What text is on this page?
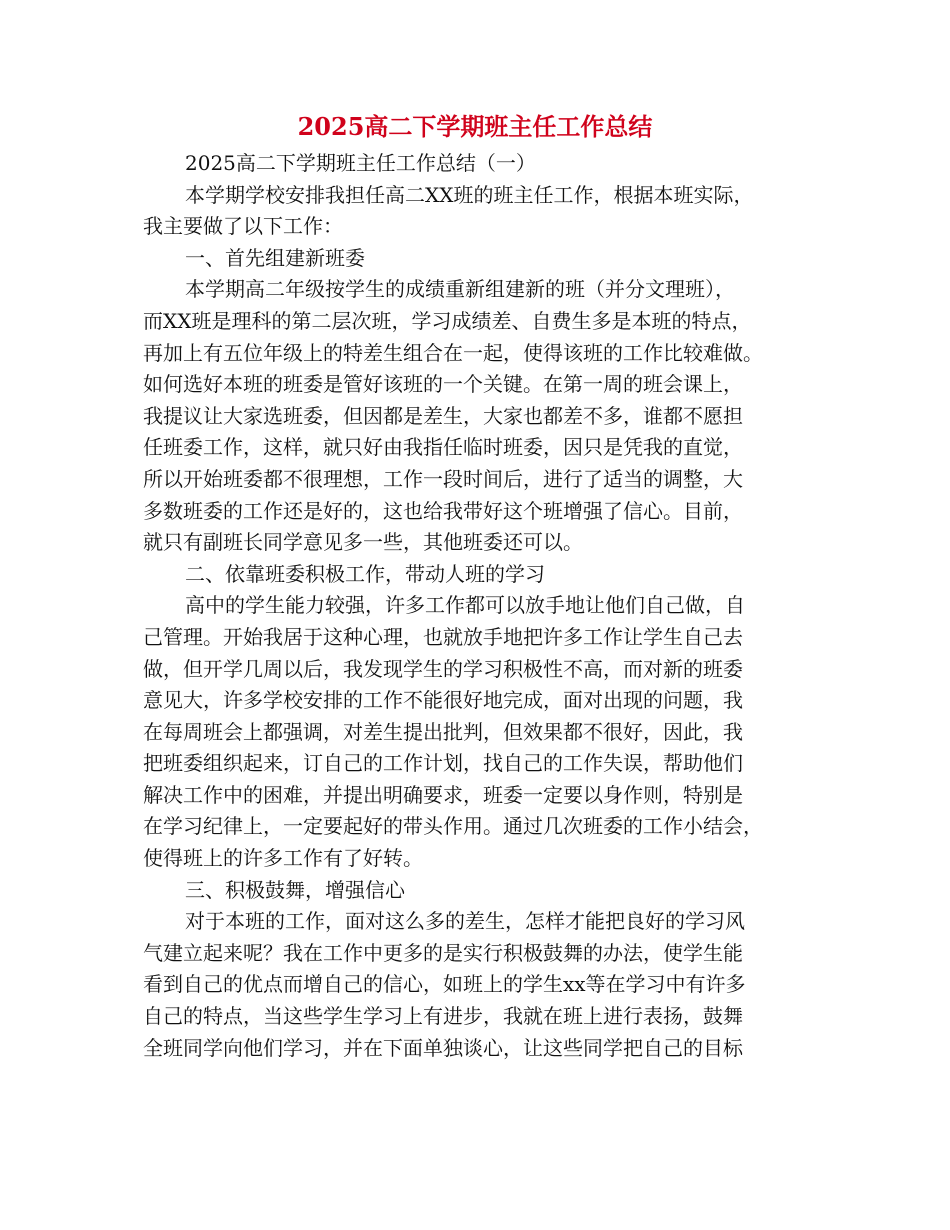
2025高二下学期班主任工作总结

2025高二下学期班主任工作总结（一）

本学期学校安排我担任高二XX班的班主任工作，根据本班实际，

我主要做了以下工作：

一、首先组建新班委

本学期高二年级按学生的成绩重新组建新的班（并分文理班），

而XX班是理科的第二层次班，学习成绩差、自费生多是本班的特点，

再加上有五位年级上的特差生组合在一起，使得该班的工作比较难做。

如何选好本班的班委是管好该班的一个关键。在第一周的班会课上，

我提议让大家选班委，但因都是差生，大家也都差不多，谁都不愿担

任班委工作，这样，就只好由我指任临时班委，因只是凭我的直觉，

所以开始班委都不很理想，工作一段时间后，进行了适当的调整，大

多数班委的工作还是好的，这也给我带好这个班增强了信心。目前，

就只有副班长同学意见多一些，其他班委还可以。

二、依靠班委积极工作，带动人班的学习

高中的学生能力较强，许多工作都可以放手地让他们自己做，自

己管理。开始我居于这种心理，也就放手地把许多工作让学生自己去

做，但开学几周以后，我发现学生的学习积极性不高，而对新的班委

意见大，许多学校安排的工作不能很好地完成，面对出现的问题，我

在每周班会上都强调，对差生提出批判，但效果都不很好，因此，我

把班委组织起来，订自己的工作计划，找自己的工作失误，帮助他们

解决工作中的困难，并提出明确要求，班委一定要以身作则，特别是

在学习纪律上，一定要起好的带头作用。通过几次班委的工作小结会，

使得班上的许多工作有了好转。

三、积极鼓舞，增强信心

对于本班的工作，面对这么多的差生，怎样才能把良好的学习风

气建立起来呢？我在工作中更多的是实行积极鼓舞的办法，使学生能

看到自己的优点而增自己的信心，如班上的学生xx等在学习中有许多

自己的特点，当这些学生学习上有进步，我就在班上进行表扬，鼓舞

全班同学向他们学习，并在下面单独谈心，让这些同学把自己的目标
